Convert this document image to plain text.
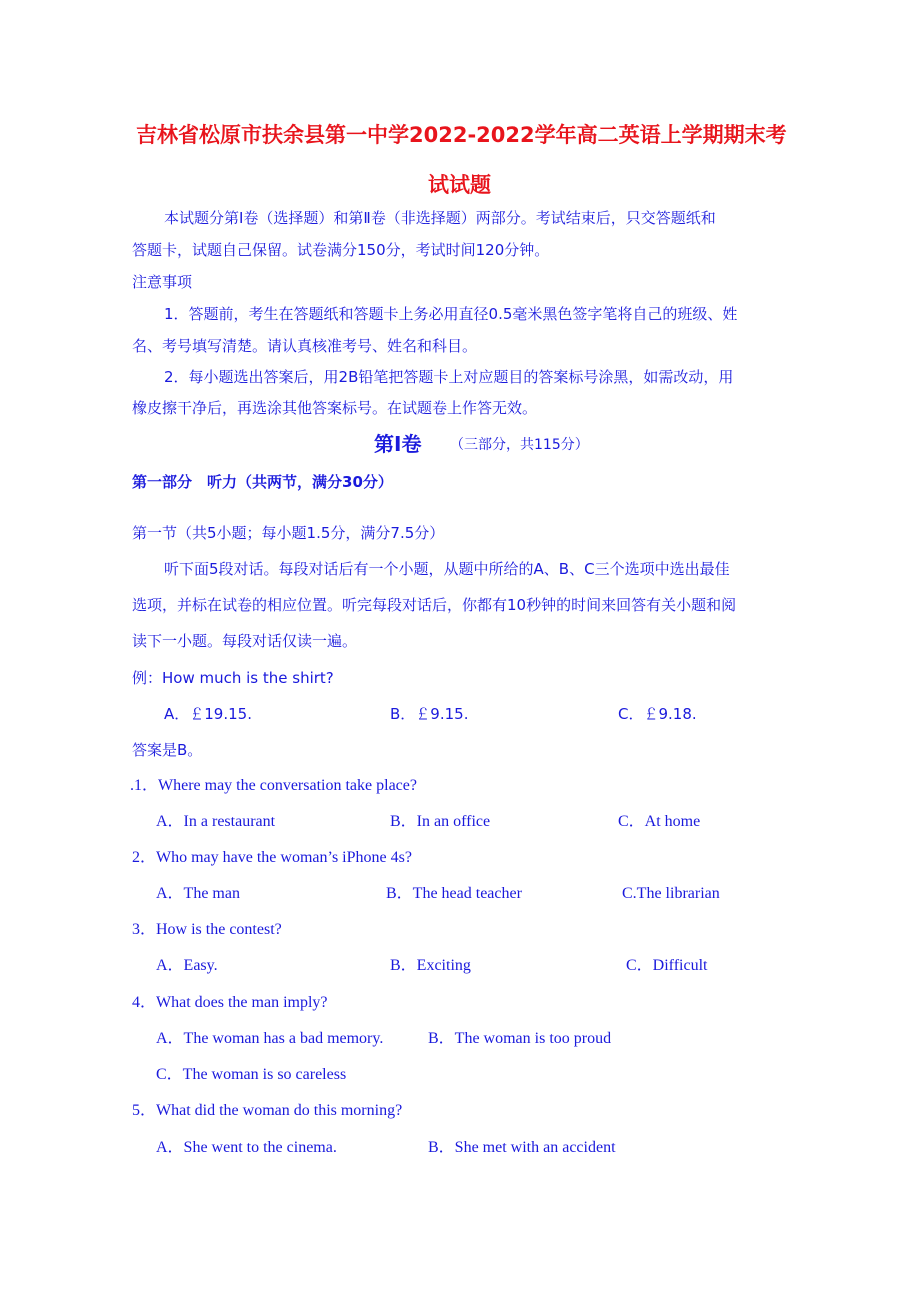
吉林省松原市扶余县第一中学2022-2022学年高二英语上学期期末考
试试题
本试题分第Ⅰ卷（选择题）和第Ⅱ卷（非选择题）两部分。考试结束后，只交答题纸和
答题卡，试题自己保留。试卷满分150分，考试时间120分钟。
注意事项
1．答题前，考生在答题纸和答题卡上务必用直径0.5毫米黑色签字笔将自己的班级、姓
名、考号填写清楚。请认真核准考号、姓名和科目。
2．每小题选出答案后，用2B铅笔把答题卡上对应题目的答案标号涂黑，如需改动，用
橡皮擦干净后，再选涂其他答案标号。在试题卷上作答无效。
第I卷 （三部分，共115分）
第一部分　听力（共两节，满分30分）
第一节（共5小题；每小题1.5分，满分7.5分）
听下面5段对话。每段对话后有一个小题，从题中所给的A、B、C三个选项中选出最佳
选项，并标在试卷的相应位置。听完每段对话后，你都有10秒钟的时间来回答有关小题和阅
读下一小题。每段对话仅读一遍。
例：How much is the shirt?
A．￡19.15.	B．￡9.15.	C．￡9.18.
答案是B。
.1．Where may the conversation take place?
A．In a restaurant	B．In an office	C．At home
2．Who may have the woman’s iPhone 4s?
A．The man	B．The head teacher	C.The librarian
3．How is the contest?
A．Easy.	B．Exciting	C．Difficult
4．What does the man imply?
A．The woman has a bad memory.	B．The woman is too proud
C．The woman is so careless
5．What did the woman do this morning?
A．She went to the cinema.	B．She met with an accident
